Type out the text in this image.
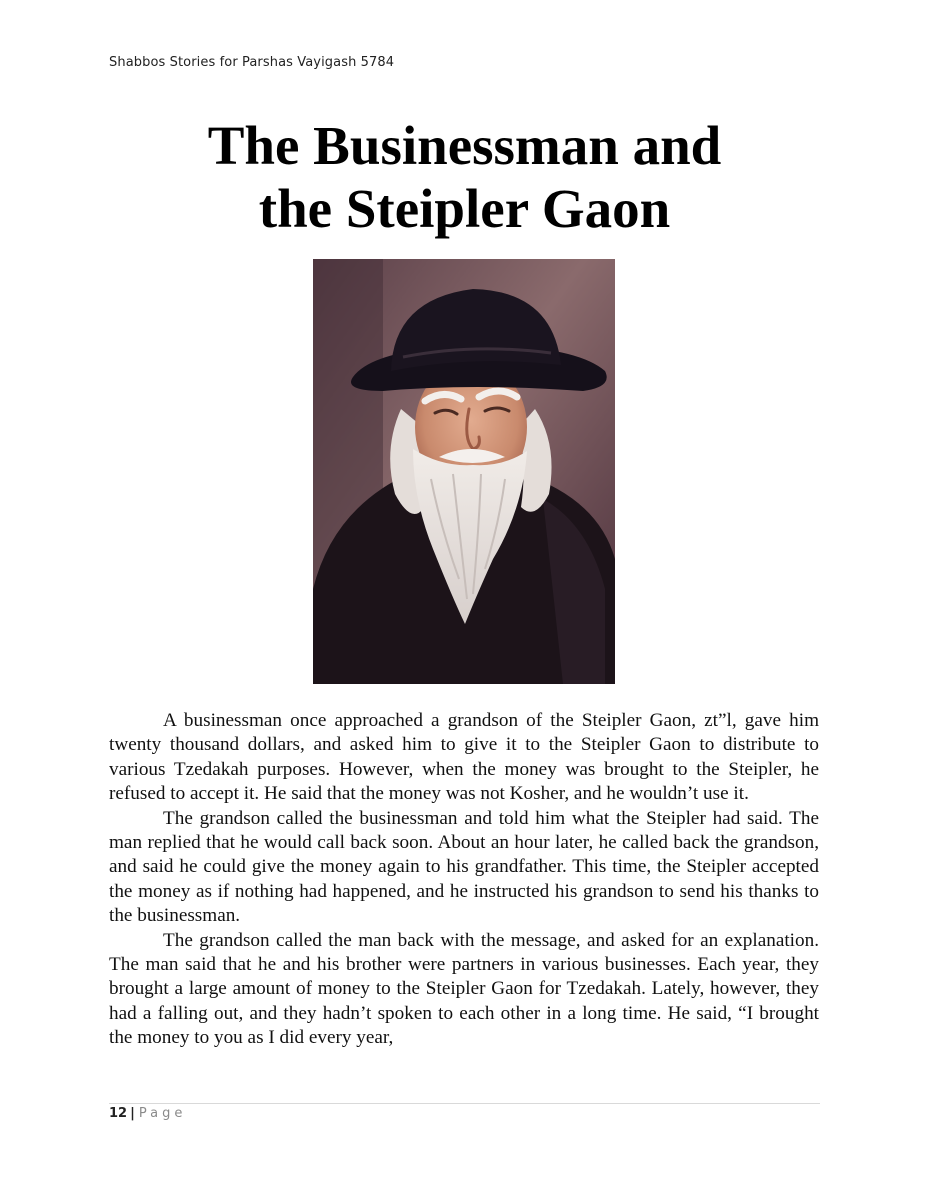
Shabbos Stories for Parshas Vayigash 5784
The Businessman and
the Steipler Gaon

A businessman once approached a grandson of the Steipler Gaon, zt”l, gave him twenty thousand dollars, and asked him to give it to the Steipler Gaon to distribute to various Tzedakah purposes. However, when the money was brought to the Steipler, he refused to accept it. He said that the money was not Kosher, and he wouldn’t use it.

The grandson called the businessman and told him what the Steipler had said. The man replied that he would call back soon. About an hour later, he called back the grandson, and said he could give the money again to his grandfather. This time, the Steipler accepted the money as if nothing had happened, and he instructed his grandson to send his thanks to the businessman.

The grandson called the man back with the message, and asked for an explanation. The man said that he and his brother were partners in various businesses. Each year, they brought a large amount of money to the Steipler Gaon for Tzedakah. Lately, however, they had a falling out, and they hadn’t spoken to each other in a long time. He said, “I brought the money to you as I did every year,

12 | Page
